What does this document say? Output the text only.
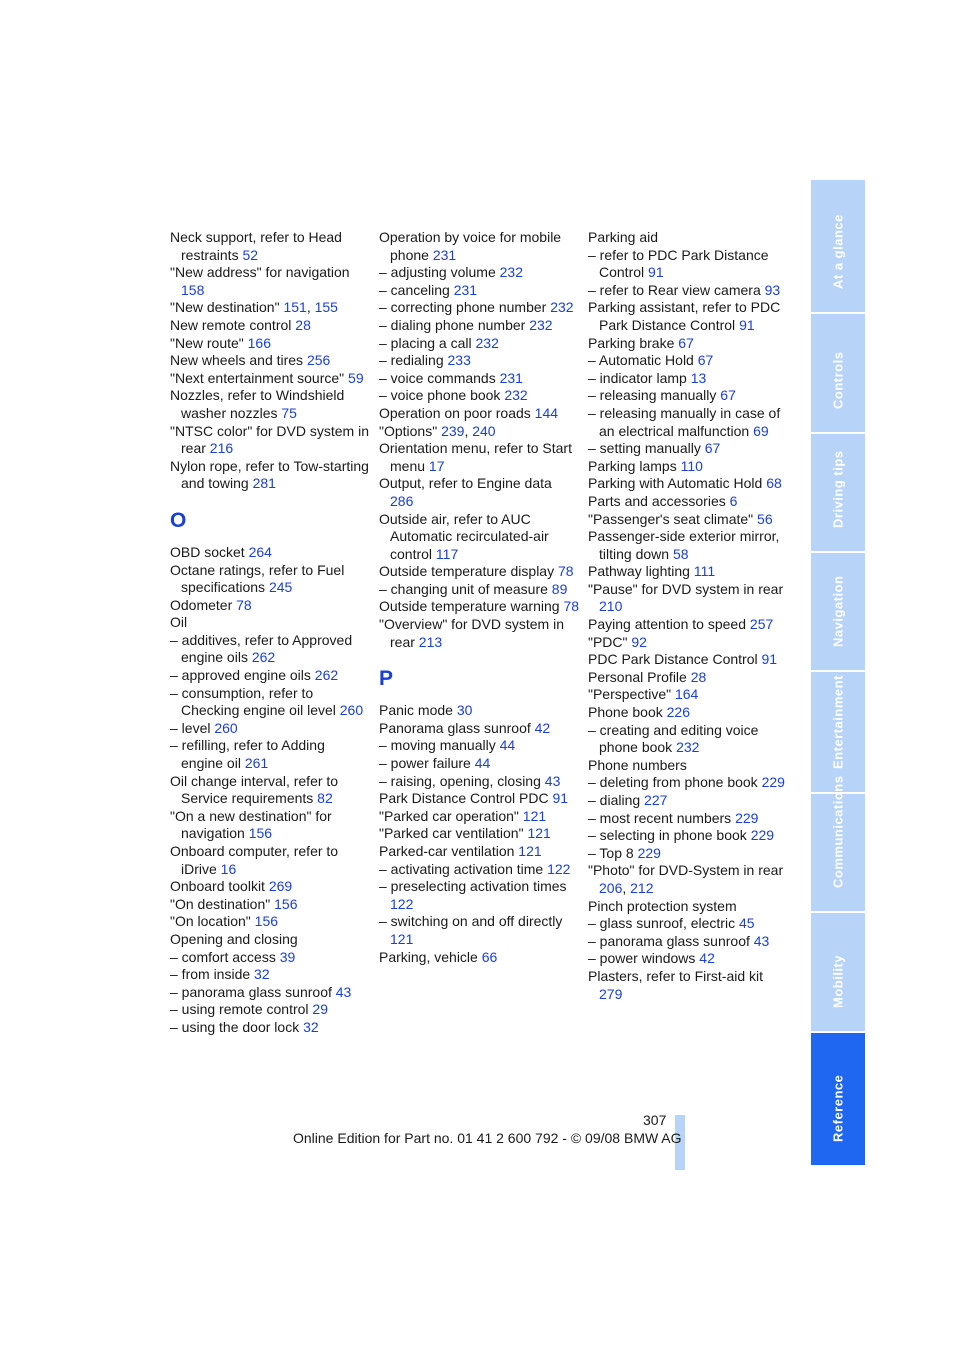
Neck support, refer to Head restraints 52
"New address" for navigation 158
"New destination" 151, 155
New remote control 28
"New route" 166
New wheels and tires 256
"Next entertainment source" 59
Nozzles, refer to Windshield washer nozzles 75
"NTSC color" for DVD system in rear 216
Nylon rope, refer to Tow-starting and towing 281
O
OBD socket 264
Octane ratings, refer to Fuel specifications 245
Odometer 78
Oil
– additives, refer to Approved engine oils 262
– approved engine oils 262
– consumption, refer to Checking engine oil level 260
– level 260
– refilling, refer to Adding engine oil 261
Oil change interval, refer to Service requirements 82
"On a new destination" for navigation 156
Onboard computer, refer to iDrive 16
Onboard toolkit 269
"On destination" 156
"On location" 156
Opening and closing
– comfort access 39
– from inside 32
– panorama glass sunroof 43
– using remote control 29
– using the door lock 32
Operation by voice for mobile phone 231
– adjusting volume 232
– canceling 231
– correcting phone number 232
– dialing phone number 232
– placing a call 232
– redialing 233
– voice commands 231
– voice phone book 232
Operation on poor roads 144
"Options" 239, 240
Orientation menu, refer to Start menu 17
Output, refer to Engine data 286
Outside air, refer to AUC Automatic recirculated-air control 117
Outside temperature display 78
– changing unit of measure 89
Outside temperature warning 78
"Overview" for DVD system in rear 213
P
Panic mode 30
Panorama glass sunroof 42
– moving manually 44
– power failure 44
– raising, opening, closing 43
Park Distance Control PDC 91
"Parked car operation" 121
"Parked car ventilation" 121
Parked-car ventilation 121
– activating activation time 122
– preselecting activation times 122
– switching on and off directly 121
Parking, vehicle 66
Parking aid
– refer to PDC Park Distance Control 91
– refer to Rear view camera 93
Parking assistant, refer to PDC Park Distance Control 91
Parking brake 67
– Automatic Hold 67
– indicator lamp 13
– releasing manually 67
– releasing manually in case of an electrical malfunction 69
– setting manually 67
Parking lamps 110
Parking with Automatic Hold 68
Parts and accessories 6
"Passenger's seat climate" 56
Passenger-side exterior mirror, tilting down 58
Pathway lighting 111
"Pause" for DVD system in rear 210
Paying attention to speed 257
"PDC" 92
PDC Park Distance Control 91
Personal Profile 28
"Perspective" 164
Phone book 226
– creating and editing voice phone book 232
Phone numbers
– deleting from phone book 229
– dialing 227
– most recent numbers 229
– selecting in phone book 229
– Top 8 229
"Photo" for DVD-System in rear 206, 212
Pinch protection system
– glass sunroof, electric 45
– panorama glass sunroof 43
– power windows 42
Plasters, refer to First-aid kit 279
At a glance
Controls
Driving tips
Navigation
Entertainment
Communications
Mobility
Reference
307
Online Edition for Part no. 01 41 2 600 792 - © 09/08 BMW AG
